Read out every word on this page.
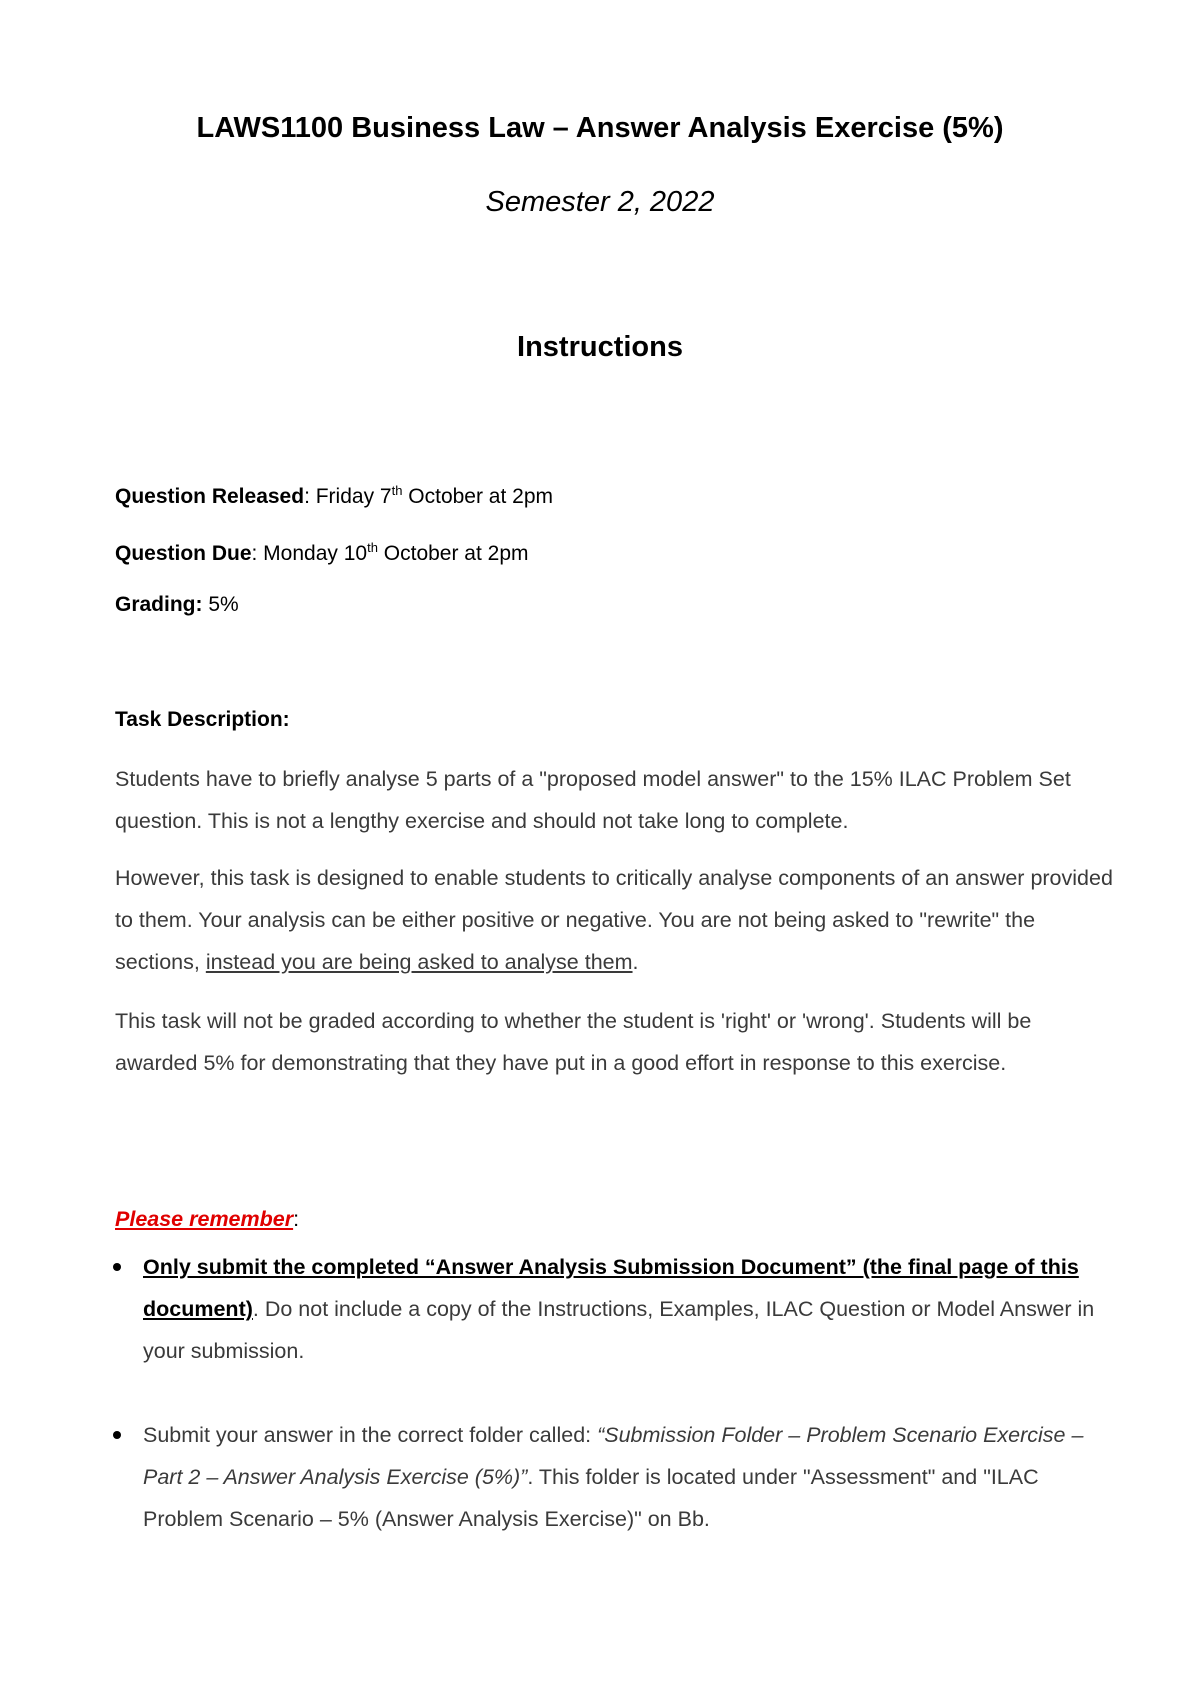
LAWS1100 Business Law – Answer Analysis Exercise (5%)

Semester 2, 2022

Instructions

Question Released: Friday 7th October at 2pm

Question Due: Monday 10th October at 2pm

Grading: 5%

Task Description:

Students have to briefly analyse 5 parts of a "proposed model answer" to the 15% ILAC Problem Set question. This is not a lengthy exercise and should not take long to complete.

However, this task is designed to enable students to critically analyse components of an answer provided to them. Your analysis can be either positive or negative. You are not being asked to "rewrite" the sections, instead you are being asked to analyse them.

This task will not be graded according to whether the student is 'right' or 'wrong'. Students will be awarded 5% for demonstrating that they have put in a good effort in response to this exercise.

Please remember:

Only submit the completed “Answer Analysis Submission Document” (the final page of this document). Do not include a copy of the Instructions, Examples, ILAC Question or Model Answer in your submission.
Submit your answer in the correct folder called: “Submission Folder – Problem Scenario Exercise – Part 2 – Answer Analysis Exercise (5%)”. This folder is located under "Assessment" and "ILAC Problem Scenario – 5% (Answer Analysis Exercise)" on Bb.
